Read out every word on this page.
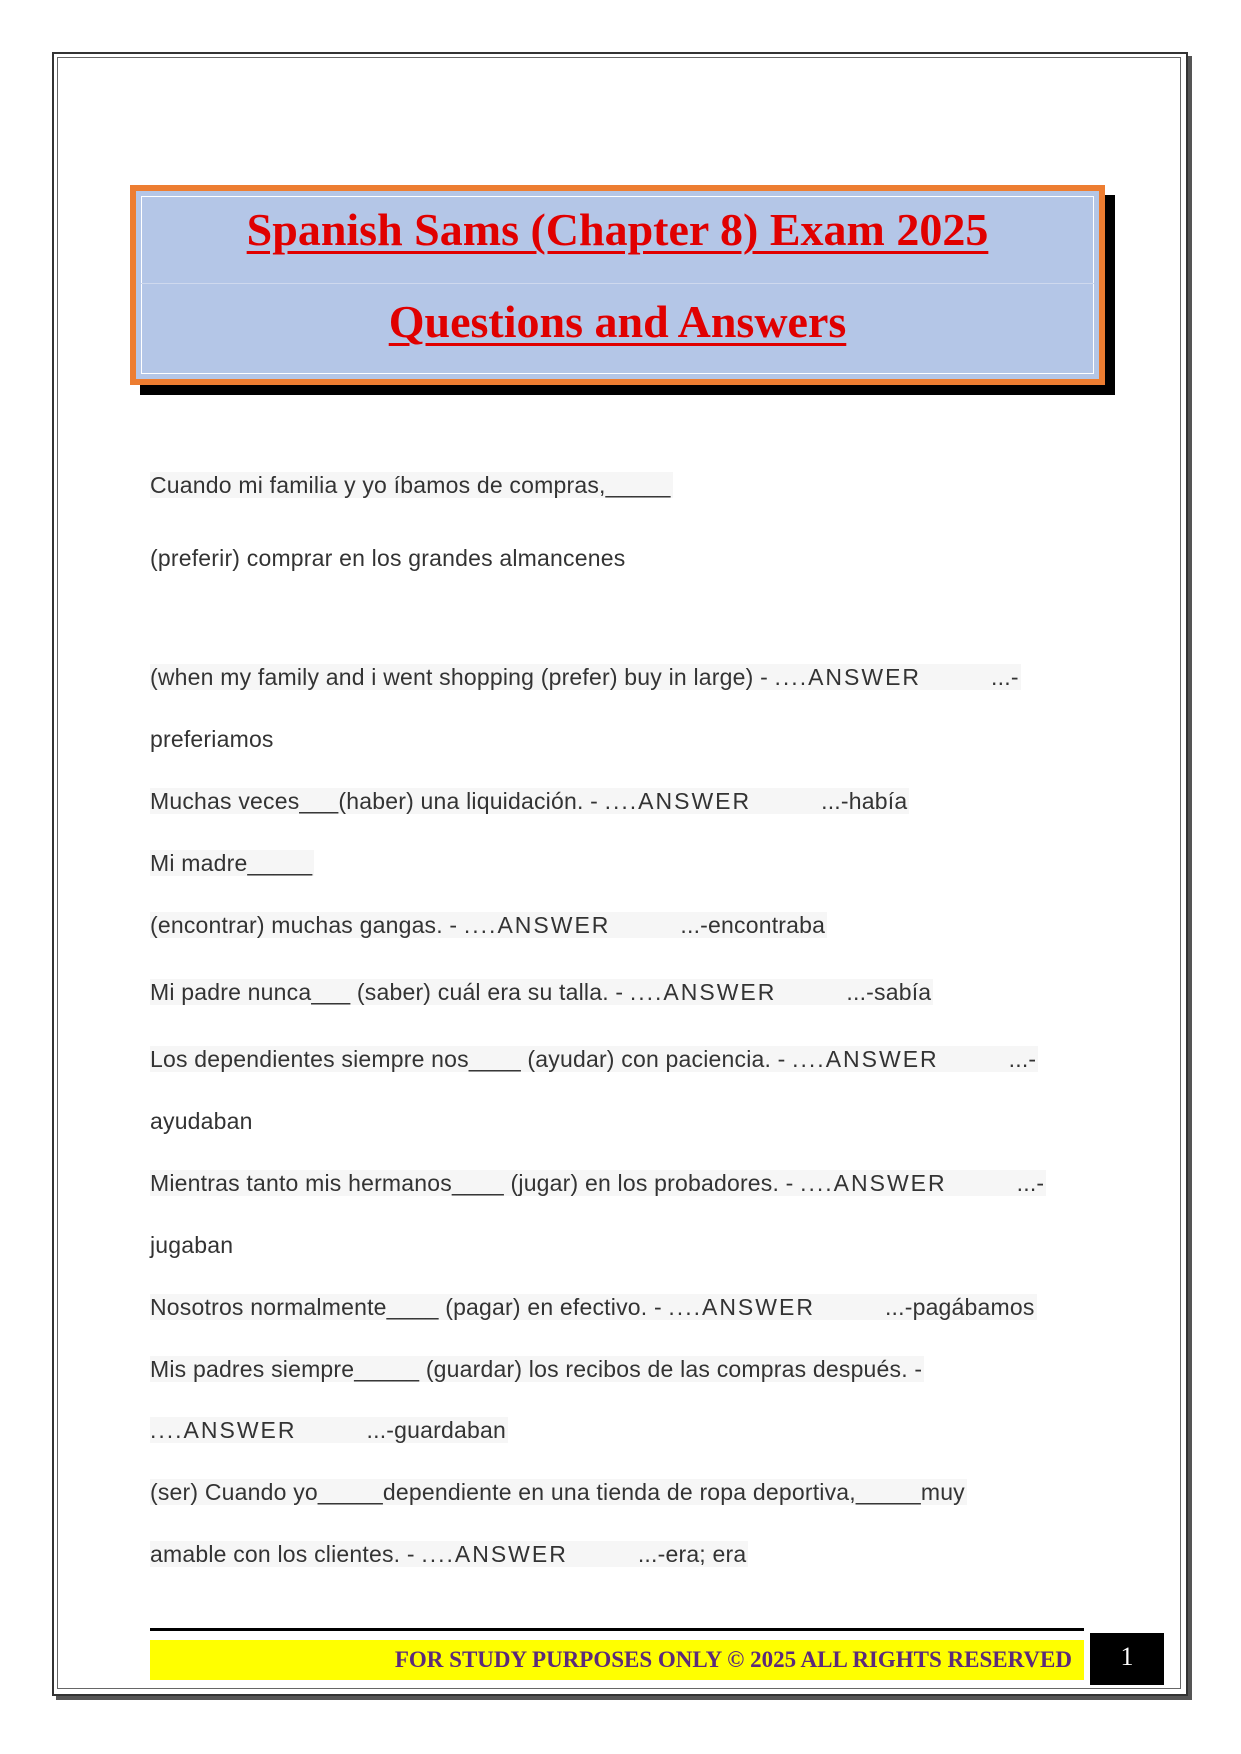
Spanish Sams (Chapter 8) Exam 2025
Questions and Answers
Cuando mi familia y yo íbamos de compras,_____
(preferir) comprar en los grandes almancenes
(when my family and i went shopping (prefer) buy in large) - ....ANSWER	...-
preferiamos
Muchas veces___(haber) una liquidación. - ....ANSWER	...-había
Mi madre_____
(encontrar) muchas gangas. - ....ANSWER	...-encontraba
Mi padre nunca___ (saber) cuál era su talla. - ....ANSWER	...-sabía
Los dependientes siempre nos____ (ayudar) con paciencia. - ....ANSWER	...-
ayudaban
Mientras tanto mis hermanos____ (jugar) en los probadores. - ....ANSWER	...-
jugaban
Nosotros normalmente____ (pagar) en efectivo. - ....ANSWER	...-pagábamos
Mis padres siempre_____ (guardar) los recibos de las compras después. -
....ANSWER	...-guardaban
(ser) Cuando yo_____dependiente en una tienda de ropa deportiva,_____muy
amable con los clientes. - ....ANSWER	...-era; era
FOR STUDY PURPOSES ONLY © 2025 ALL RIGHTS RESERVED	1
